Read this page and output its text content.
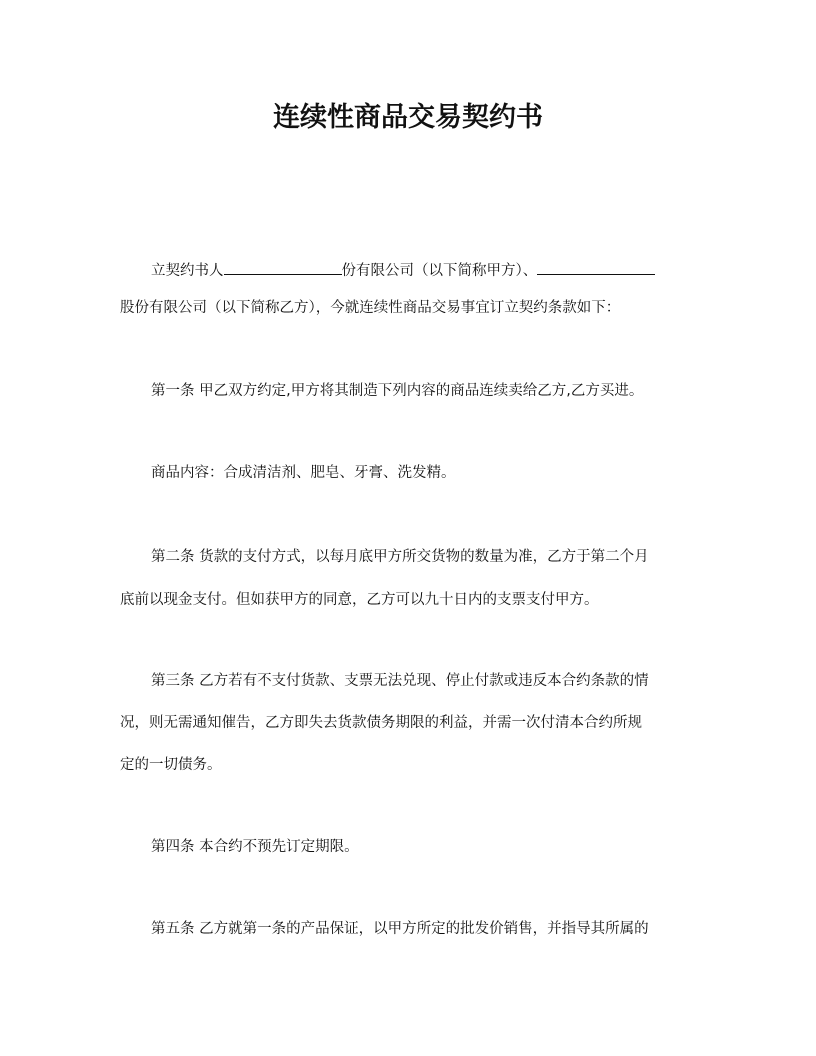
连续性商品交易契约书
立契约书人	份有限公司（以下简称甲方）、
股份有限公司（以下简称乙方），今就连续性商品交易事宜订立契约条款如下：
第一条 甲乙双方约定,甲方将其制造下列内容的商品连续卖给乙方,乙方买进。
商品内容：合成清洁剂、肥皂、牙膏、洗发精。
第二条 货款的支付方式，以每月底甲方所交货物的数量为准，乙方于第二个月
底前以现金支付。但如获甲方的同意，乙方可以九十日内的支票支付甲方。
第三条 乙方若有不支付货款、支票无法兑现、停止付款或违反本合约条款的情
况，则无需通知催告，乙方即失去货款债务期限的利益，并需一次付清本合约所规
定的一切债务。
第四条 本合约不预先订定期限。
第五条 乙方就第一条的产品保证，以甲方所定的批发价销售，并指导其所属的
